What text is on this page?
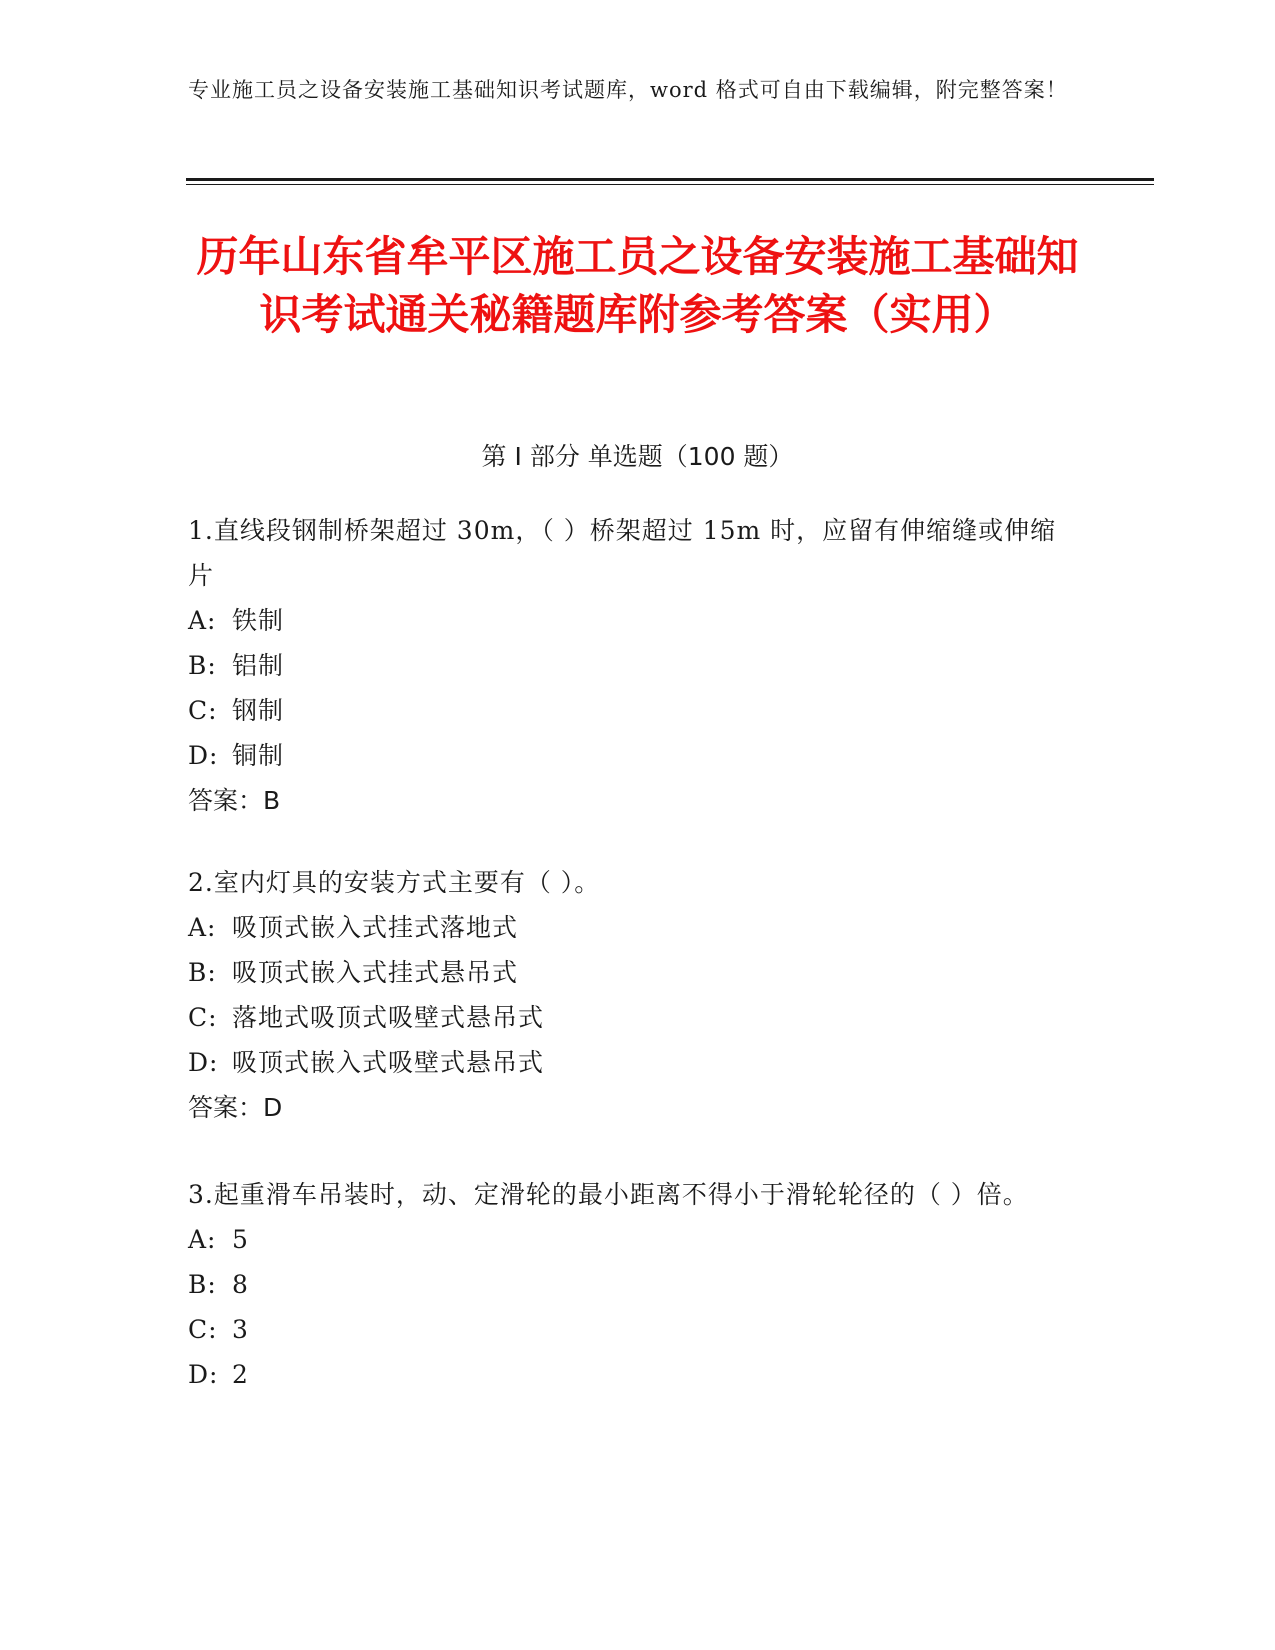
专业施工员之设备安装施工基础知识考试题库，word 格式可自由下载编辑，附完整答案！
历年山东省牟平区施工员之设备安装施工基础知识考试通关秘籍题库附参考答案（实用）
第 I 部分 单选题（100 题）

1.直线段钢制桥架超过 30m，（ ）桥架超过 15m 时，应留有伸缩缝或伸缩片

A: 铁制

B: 铝制

C: 钢制

D: 铜制

答案：B

2.室内灯具的安装方式主要有（ ）。

A: 吸顶式嵌入式挂式落地式

B: 吸顶式嵌入式挂式悬吊式

C: 落地式吸顶式吸壁式悬吊式

D: 吸顶式嵌入式吸壁式悬吊式

答案：D

3.起重滑车吊装时，动、定滑轮的最小距离不得小于滑轮轮径的（ ）倍。

A: 5

B: 8

C: 3

D: 2
